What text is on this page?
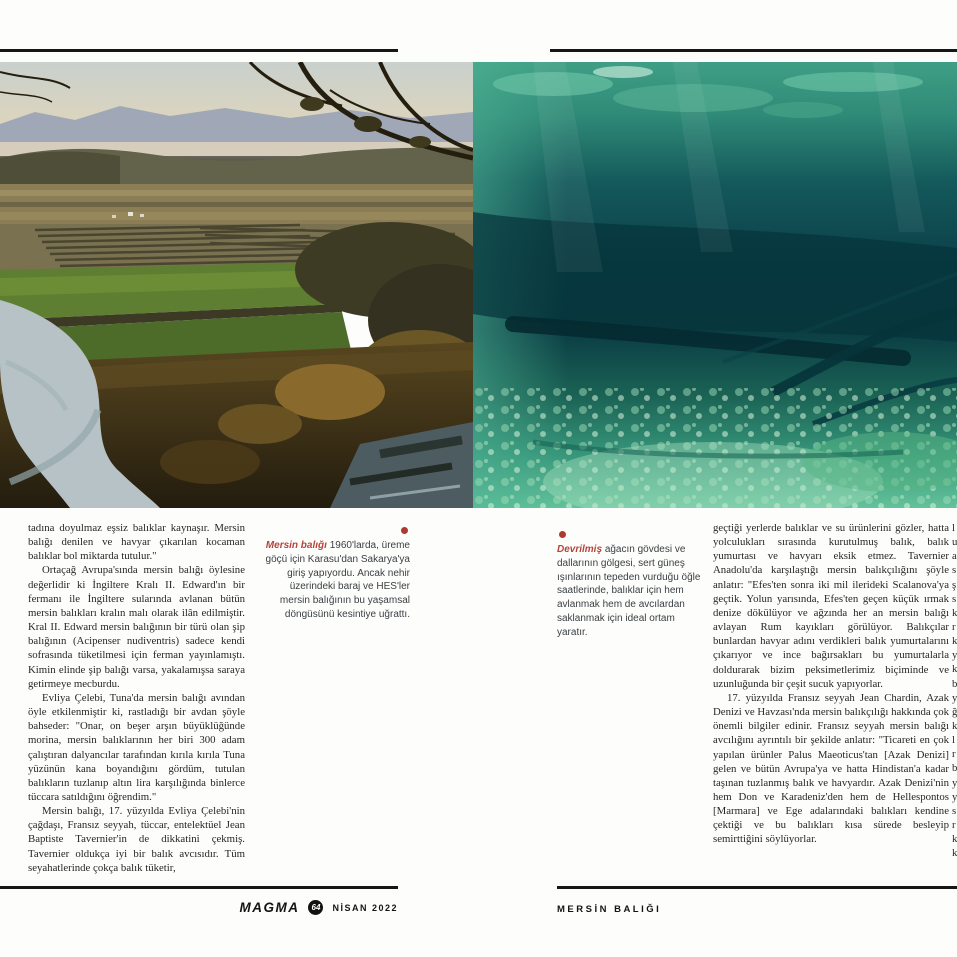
tadına doyulmaz eşsiz balıklar kaynaşır. Mersin balığı denilen ve havyar çıkarılan kocaman balıklar bol miktarda tutulur."

Ortaçağ Avrupa'sında mersin balığı öylesine değerlidir ki İngiltere Kralı II. Edward'ın bir fermanı ile İngiltere sularında avlanan bütün mersin balıkları kralın malı olarak ilân edilmiştir. Kral II. Edward mersin balığının bir türü olan şip balığının (Acipenser nudiventris) sadece kendi sofrasında tüketilmesi için ferman yayınlamıştı. Kimin elinde şip balığı varsa, yakalamışsa saraya getirmeye mecburdu.

Evliya Çelebi, Tuna'da mersin balığı avından öyle etkilenmiştir ki, rastladığı bir avdan şöyle bahseder: "Onar, on beşer arşın büyüklüğünde morina, mersin balıklarının her biri 300 adam çalıştıran dalyancılar tarafından kırıla kırıla Tuna yüzünün kana boyandığını gördüm, tutulan balıkların tuzlanıp altın lira karşılığında binlerce tüccara satıldığını öğrendim."

Mersin balığı, 17. yüzyılda Evliya Çelebi'nin çağdaşı, Fransız seyyah, tüccar, entelektüel Jean Baptiste Tavernier'in de dikkatini çekmiş. Tavernier oldukça iyi bir balık avcısıdır. Tüm seyahatlerinde çokça balık tüketir,

Mersin balığı 1960'larda, üreme göçü için Karasu'dan Sakarya'ya giriş yapıyordu. Ancak nehir üzerindeki baraj ve HES'ler mersin balığının bu yaşamsal döngüsünü kesintiye uğrattı.
Devrilmiş ağacın gövdesi ve dallarının gölgesi, sert güneş ışınlarının tepeden vurduğu öğle saatlerinde, balıklar için hem avlanmak hem de avcılardan saklanmak için ideal ortam yaratır.

geçtiği yerlerde balıklar ve su ürünlerini gözler, hatta yolculukları sırasında kurutulmuş balık, balık yumurtası ve havyarı eksik etmez. Tavernier Anadolu'da karşılaştığı mersin balıkçılığını şöyle anlatır: "Efes'ten sonra iki mil ilerideki Scalanova'ya geçtik. Yolun yarısında, Efes'ten geçen küçük ırmak denize dökülüyor ve ağzında her an mersin balığı avlayan Rum kayıkları görülüyor. Balıkçılar bunlardan havyar adını verdikleri balık yumurtalarını çıkarıyor ve ince bağırsakları bu yumurtalarla doldurarak bizim peksimetlerimiz biçiminde ve uzunluğunda bir çeşit sucuk yapıyorlar.

17. yüzyılda Fransız seyyah Jean Chardin, Azak Denizi ve Havzası'nda mersin balıkçılığı hakkında çok önemli bilgiler edinir. Fransız seyyah mersin balığı avcılığını ayrıntılı bir şekilde anlatır: "Ticareti en çok yapılan ürünler Palus Maeoticus'tan [Azak Denizi] gelen ve bütün Avrupa'ya ve hatta Hindistan'a kadar taşınan tuzlanmış balık ve havyardır. Azak Denizi'nin hem Don ve Karadeniz'den hem de Hellespontos [Marmara] ve Ege adalarındaki balıkları kendine çektiği ve bu balıkları kısa sürede besleyip semirttiğini söylüyorlar.

l
u
a
s
ş
s
k
r
k
y
k
b
y
ğ
k
l
r
b
y
y
s
r
k
k
MAGMA	64	NİSAN 2022	MERSİN BALIĞI
